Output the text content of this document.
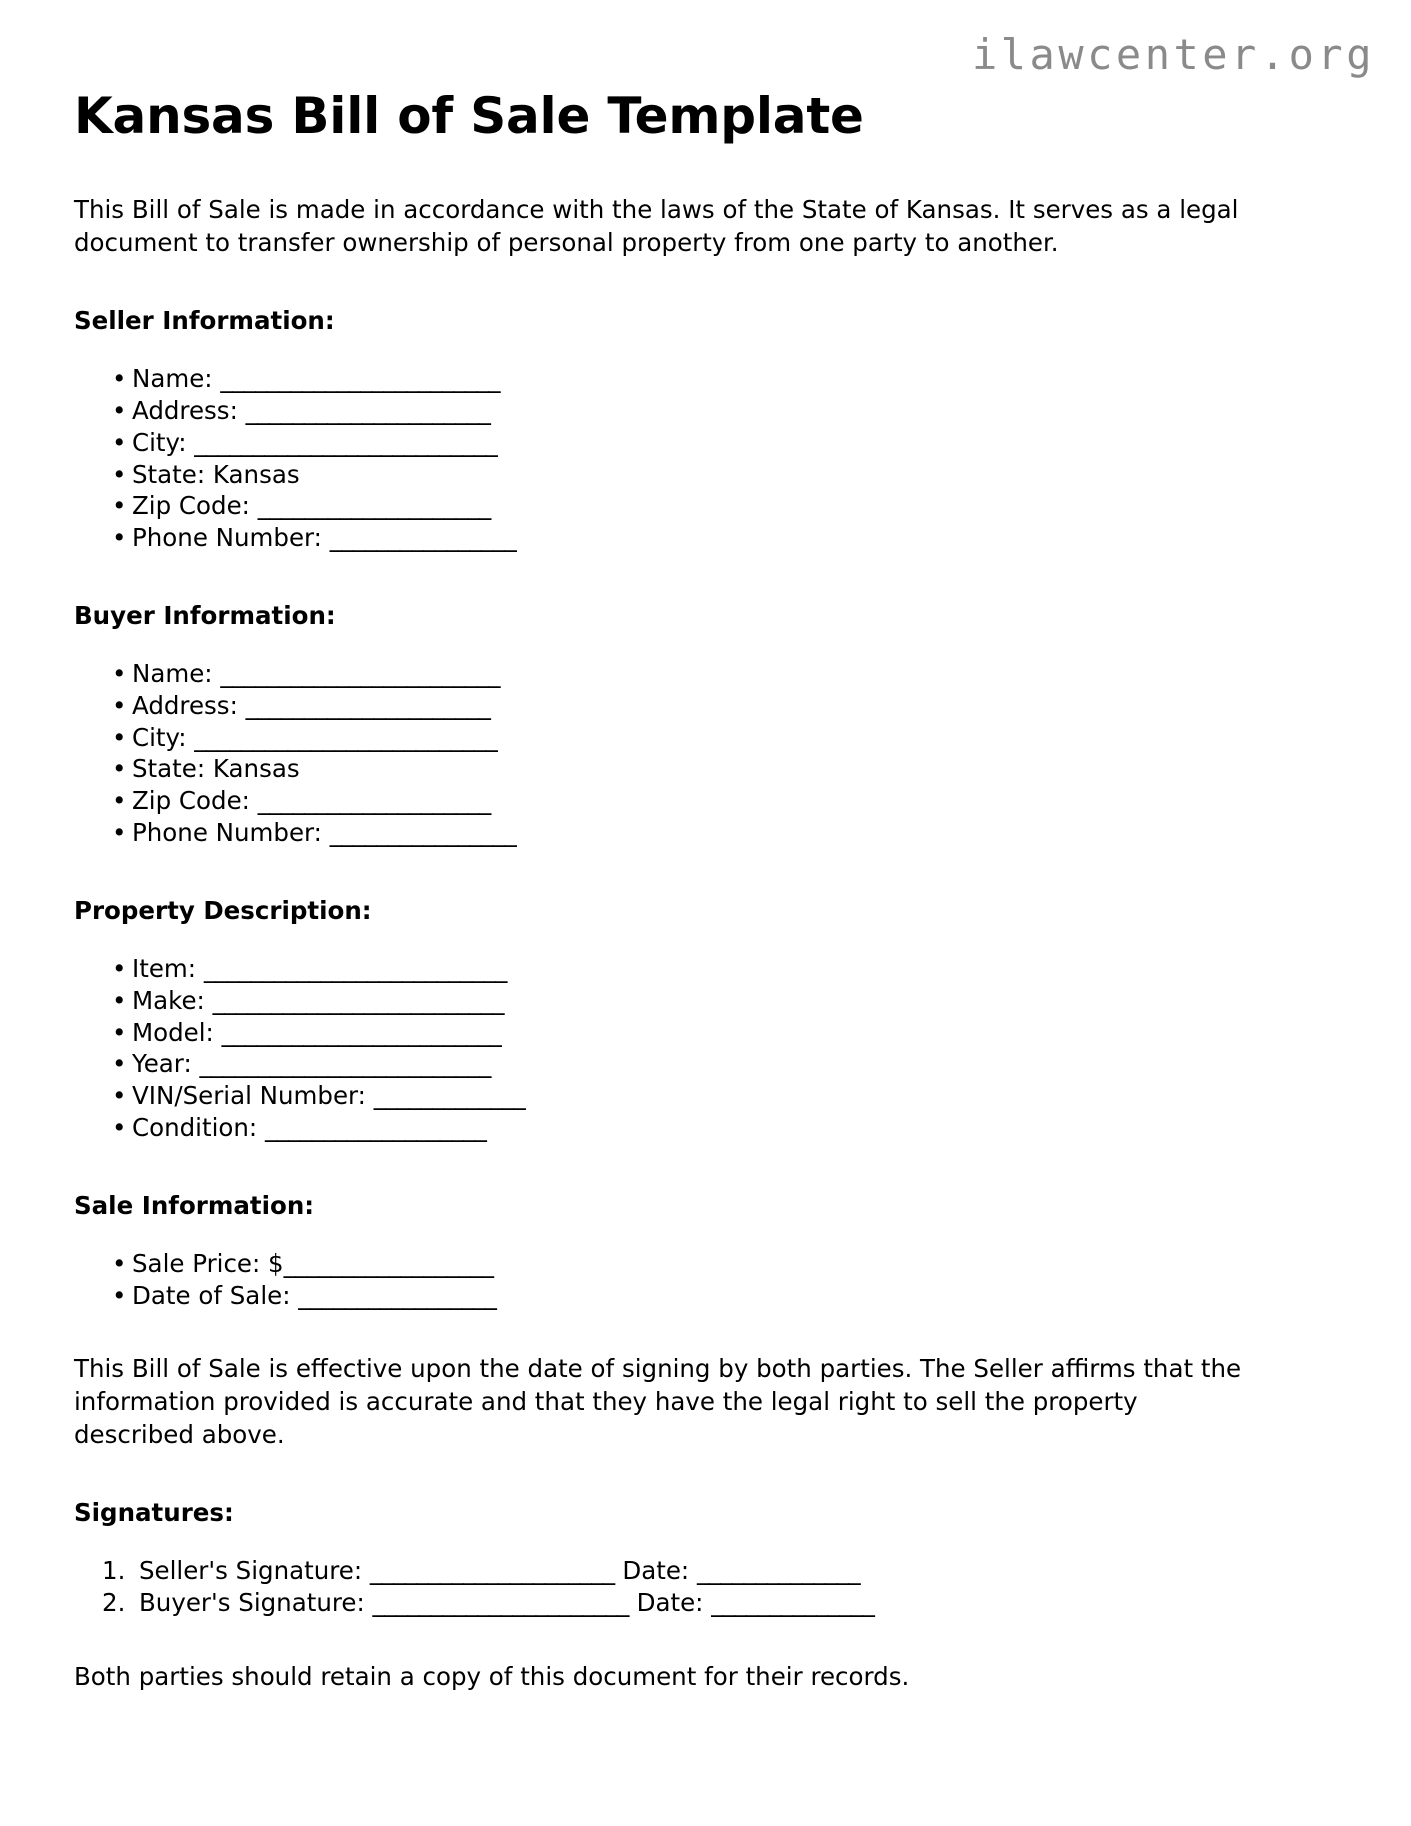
ilawcenter.org
Kansas Bill of Sale Template

This Bill of Sale is made in accordance with the laws of the State of Kansas. It serves as a legal document to transfer ownership of personal property from one party to another.

Seller Information:
• Name: ________________________
• Address: _____________________
• City: __________________________
• State: Kansas
• Zip Code: ____________________
• Phone Number: ________________
Buyer Information:
• Name: ________________________
• Address: _____________________
• City: __________________________
• State: Kansas
• Zip Code: ____________________
• Phone Number: ________________
Property Description:
• Item: __________________________
• Make: _________________________
• Model: ________________________
• Year: _________________________
• VIN/Serial Number: _____________
• Condition: ___________________
Sale Information:
• Sale Price: $__________________
• Date of Sale: _________________

This Bill of Sale is effective upon the date of signing by both parties. The Seller affirms that the information provided is accurate and that they have the legal right to sell the property described above.

Signatures:
Seller's Signature: _____________________ Date: ______________
Buyer's Signature: ______________________ Date: ______________

Both parties should retain a copy of this document for their records.
